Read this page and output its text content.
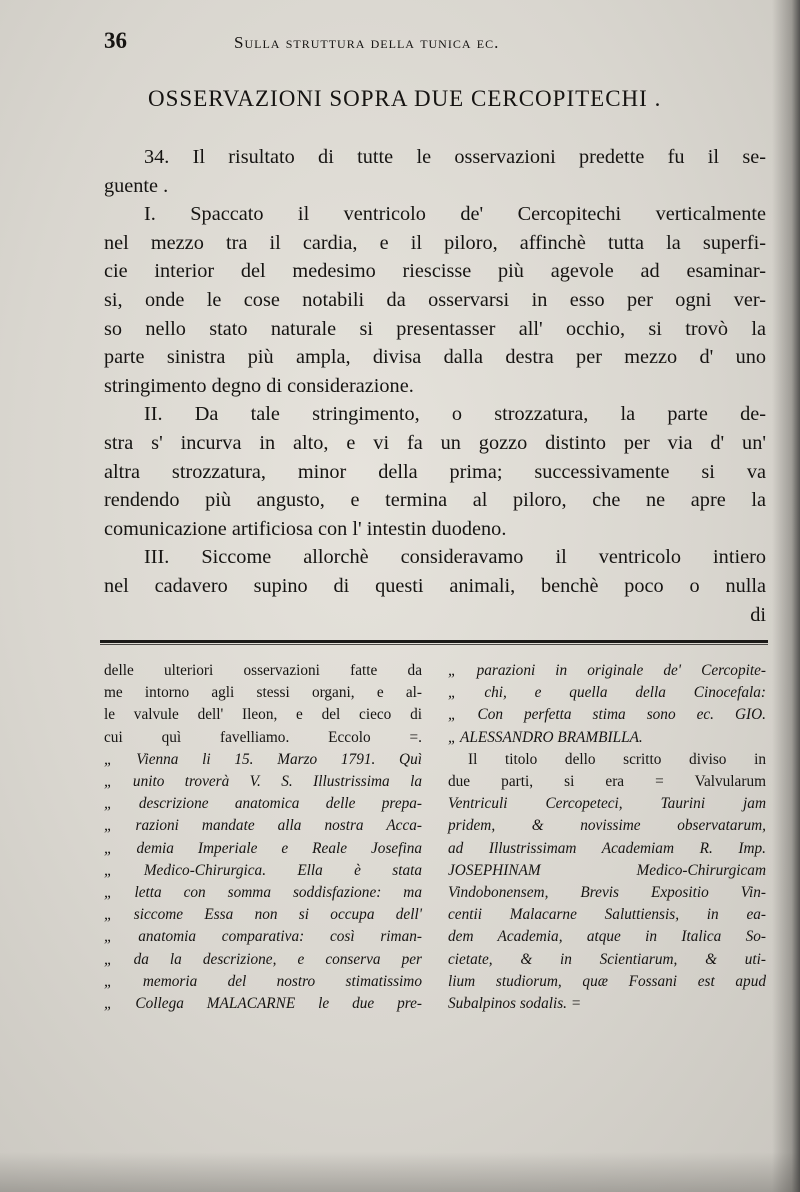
36	Sulla struttura della tunica ec.
OSSERVAZIONI SOPRA DUE CERCOPITECHI .
34. Il risultato di tutte le osservazioni predette fu il se-
guente .
I. Spaccato il ventricolo de' Cercopitechi verticalmente
nel mezzo tra il cardia, e il piloro, affinchè tutta la superfi-
cie interior del medesimo riescisse più agevole ad esaminar-
si, onde le cose notabili da osservarsi in esso per ogni ver-
so nello stato naturale si presentasser all' occhio, si trovò la
parte sinistra più ampla, divisa dalla destra per mezzo d' uno
stringimento degno di considerazione.
II. Da tale stringimento, o strozzatura, la parte de-
stra s' incurva in alto, e vi fa un gozzo distinto per via d' un'
altra strozzatura, minor della prima; successivamente si va
rendendo più angusto, e termina al piloro, che ne apre la
comunicazione artificiosa con l' intestin duodeno.
III. Siccome allorchè consideravamo il ventricolo intiero
nel cadavero supino di questi animali, benchè poco o nulla
di
delle ulteriori osservazioni fatte da
me intorno agli stessi organi, e al-
le valvule dell' Ileon, e del cieco di
cui quì favelliamo. Eccolo =.
„ Vienna li 15. Marzo 1791. Quì
„ unito troverà V. S. Illustrissima la
„ descrizione anatomica delle prepa-
„ razioni mandate alla nostra Acca-
„ demia Imperiale e Reale Josefina
„ Medico-Chirurgica. Ella è stata
„ letta con somma soddisfazione: ma
„ siccome Essa non si occupa dell'
„ anatomia comparativa: così riman-
„ da la descrizione, e conserva per
„ memoria del nostro stimatissimo
„ Collega MALACARNE le due pre-
„ parazioni in originale de' Cercopite-
„ chi, e quella della Cinocefala:
„ Con perfetta stima sono ec. GIO.
„ ALESSANDRO BRAMBILLA.
Il titolo dello scritto diviso in
due parti, si era = Valvularum
Ventriculi Cercopeteci, Taurini jam
pridem, & novissime observatarum,
ad Illustrissimam Academiam R. Imp.
JOSEPHINAM Medico-Chirurgicam
Vindobonensem, Brevis Expositio Vin-
centii Malacarne Saluttiensis, in ea-
dem Academia, atque in Italica So-
cietate, & in Scientiarum, & uti-
lium studiorum, quæ Fossani est apud
Subalpinos sodalis. =
